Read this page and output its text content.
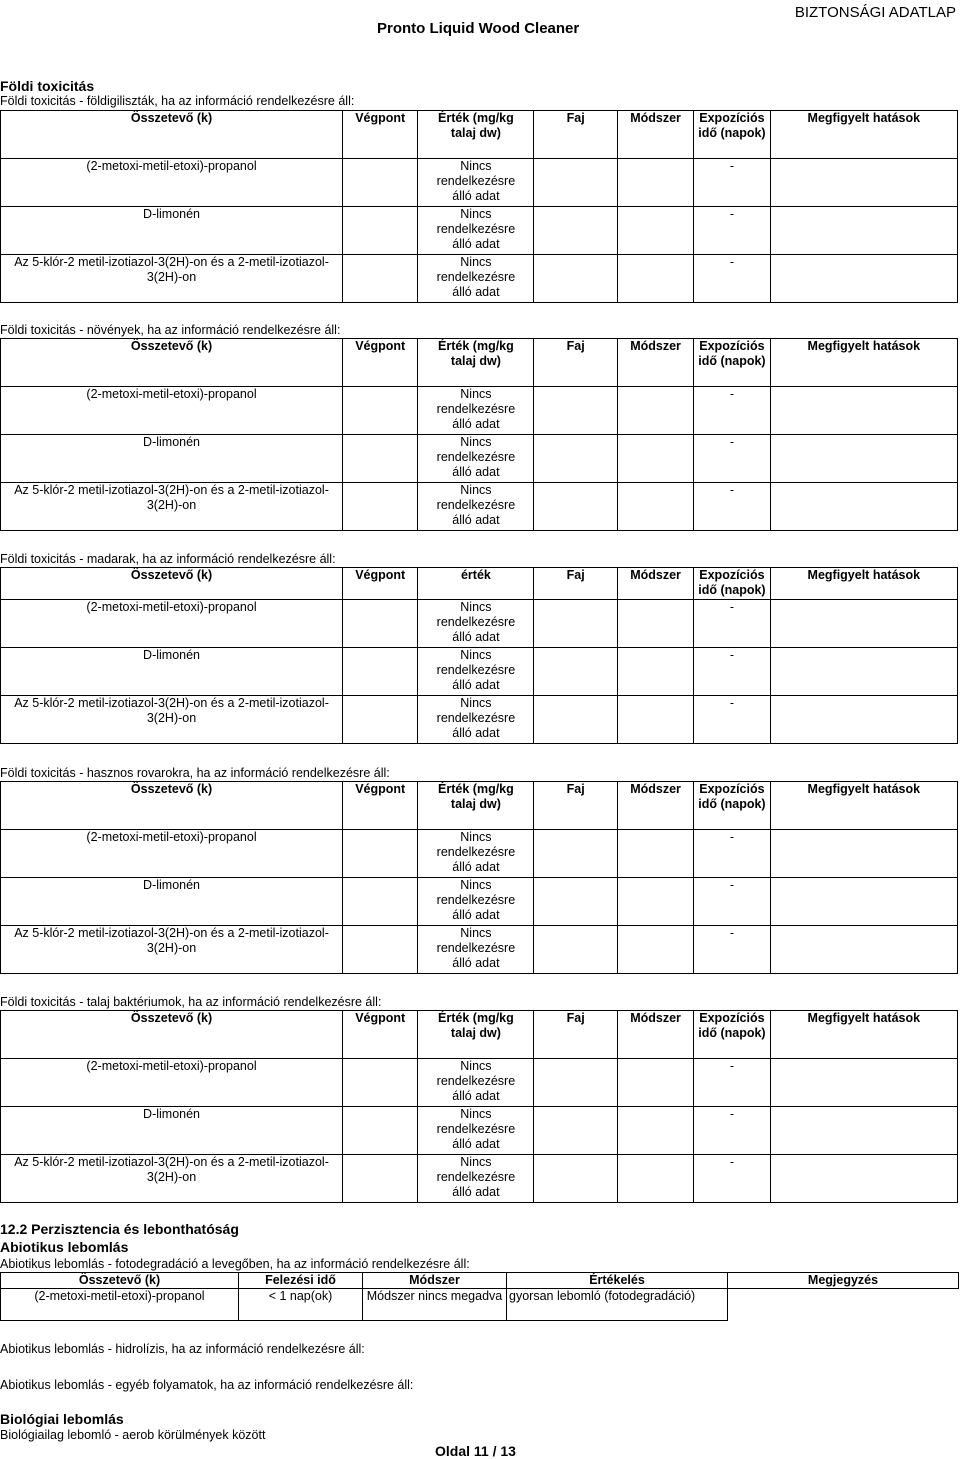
Pronto Liquid Wood Cleaner
BIZTONSÁGI ADATLAP
Földi toxicitás
Földi toxicitás - földigiliszták, ha az információ rendelkezésre áll:
Összetevő (k)	Végpont	Érték (mg/kg talaj dw)	Faj	Módszer	Expozíciós idő (napok)	Megfigyelt hatások
(2-metoxi-metil-etoxi)-propanol		Nincs rendelkezésre álló adat			-	
D-limonén		Nincs rendelkezésre álló adat			-	
Az 5-klór-2 metil-izotiazol-3(2H)-on és a 2-metil-izotiazol-3(2H)-on		Nincs rendelkezésre álló adat			-	
Földi toxicitás - növények, ha az információ rendelkezésre áll:
Összetevő (k)	Végpont	Érték (mg/kg talaj dw)	Faj	Módszer	Expozíciós idő (napok)	Megfigyelt hatások
(2-metoxi-metil-etoxi)-propanol		Nincs rendelkezésre álló adat			-	
D-limonén		Nincs rendelkezésre álló adat			-	
Az 5-klór-2 metil-izotiazol-3(2H)-on és a 2-metil-izotiazol-3(2H)-on		Nincs rendelkezésre álló adat			-	
Földi toxicitás - madarak, ha az információ rendelkezésre áll:
Összetevő (k)	Végpont	érték	Faj	Módszer	Expozíciós idő (napok)	Megfigyelt hatások
(2-metoxi-metil-etoxi)-propanol		Nincs rendelkezésre álló adat			-	
D-limonén		Nincs rendelkezésre álló adat			-	
Az 5-klór-2 metil-izotiazol-3(2H)-on és a 2-metil-izotiazol-3(2H)-on		Nincs rendelkezésre álló adat			-	
Földi toxicitás - hasznos rovarokra, ha az információ rendelkezésre áll:
Összetevő (k)	Végpont	Érték (mg/kg talaj dw)	Faj	Módszer	Expozíciós idő (napok)	Megfigyelt hatások
(2-metoxi-metil-etoxi)-propanol		Nincs rendelkezésre álló adat			-	
D-limonén		Nincs rendelkezésre álló adat			-	
Az 5-klór-2 metil-izotiazol-3(2H)-on és a 2-metil-izotiazol-3(2H)-on		Nincs rendelkezésre álló adat			-	
Földi toxicitás - talaj baktériumok, ha az információ rendelkezésre áll:
Összetevő (k)	Végpont	Érték (mg/kg talaj dw)	Faj	Módszer	Expozíciós idő (napok)	Megfigyelt hatások
(2-metoxi-metil-etoxi)-propanol		Nincs rendelkezésre álló adat			-	
D-limonén		Nincs rendelkezésre álló adat			-	
Az 5-klór-2 metil-izotiazol-3(2H)-on és a 2-metil-izotiazol-3(2H)-on		Nincs rendelkezésre álló adat			-	
12.2 Perzisztencia és lebonthatóság
Abiotikus lebomlás
Abiotikus lebomlás - fotodegradáció a levegőben, ha az információ rendelkezésre áll:
Összetevő (k)	Felezési idő	Módszer	Értékelés	Megjegyzés
(2-metoxi-metil-etoxi)-propanol	< 1 nap(ok)	Módszer nincs megadva	gyorsan lebomló (fotodegradáció)	
Abiotikus lebomlás - hidrolízis, ha az információ rendelkezésre áll:
Abiotikus lebomlás - egyéb folyamatok, ha az információ rendelkezésre áll:
Biológiai lebomlás
Biológiailag lebomló - aerob körülmények között
Oldal 11 / 13
